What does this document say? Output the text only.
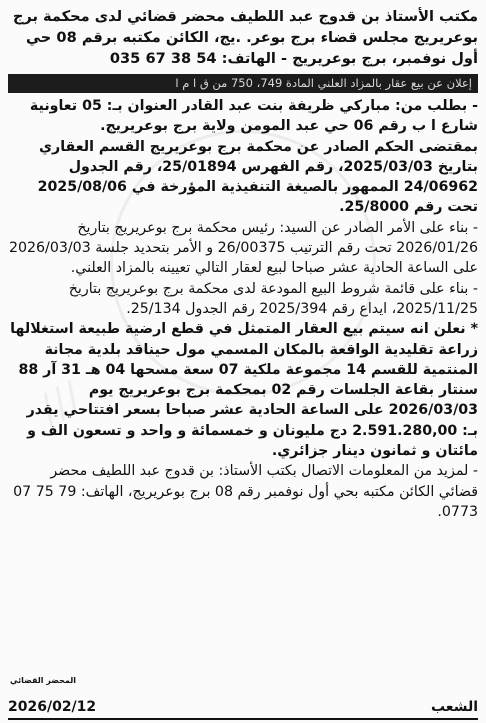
///
مكتب الأستاذ بن قدوج عبد اللطيف محضر قضائي لدى محكمة برج
بوعريريج مجلس قضاء برج بوعر. .يج، الكائن مكتبه برقم 08 حي
أول نوفمبر، برج بوعريريج - الهاتف: 54 38 67 035
إعلان عن بيع عقار بالمزاد العلني المادة 749، 750 من ق ا م ا

- بطلب من: مباركي ظريفة بنت عبد القادر العنوان بـ: 05 تعاونية شارع ا ب رقم 06 حي عبد المومن ولاية برج بوعريريج.

بمقتضى الحكم الصادر عن محكمة برج بوعريريج القسم العقاري بتاريخ 2025/03/03، رقم الفهرس 25/01894، رقم الجدول 24/06962 الممهور بالصيغة التنفيذية المؤرخة في 2025/08/06 تحت رقم 25/8000.

- بناء على الأمر الصادر عن السيد: رئيس محكمة برج بوعريريج بتاريخ 2026/01/26 تحت رقم الترتيب 26/00375 و الأمر بتحديد جلسة 2026/03/03 على الساعة الحادية عشر صباحا لبيع لعقار التالي تعيينه بالمزاد العلني.

- بناء على قائمة شروط البيع المودعة لدى محكمة برج بوعريريج بتاريخ 2025/11/25، ايداع رقم 2025/394 رقم الجدول 25/134.

* نعلن انه سيتم بيع العقار المتمثل في قطع ارضية طبيعة استغلالها زراعة تقليدية الواقعة بالمكان المسمي مول حيناقد بلدية مجانة المنتمية للقسم 14 مجموعة ملكية 07 سعة مسحها 04 هـ 31 آر 88 سنتار بقاعة الجلسات رقم 02 بمحكمة برج بوعريريج يوم 2026/03/03 على الساعة الحادية عشر صباحا بسعر افتتاحي يقدر بـ: 2.591.280,00 دج مليونان و خمسمائة و واحد و تسعون الف و مائتان و ثمانون دينار جزائري.

- لمزيد من المعلومات الاتصال بكتب الأستاذ: بن قدوج عبد اللطيف محضر قضائي الكائن مكتبه بحي أول نوفمبر رقم 08 برج بوعريريج، الهاتف: 79 75 07 0773.

المحضر القضائي
الشعب
2026/02/12
